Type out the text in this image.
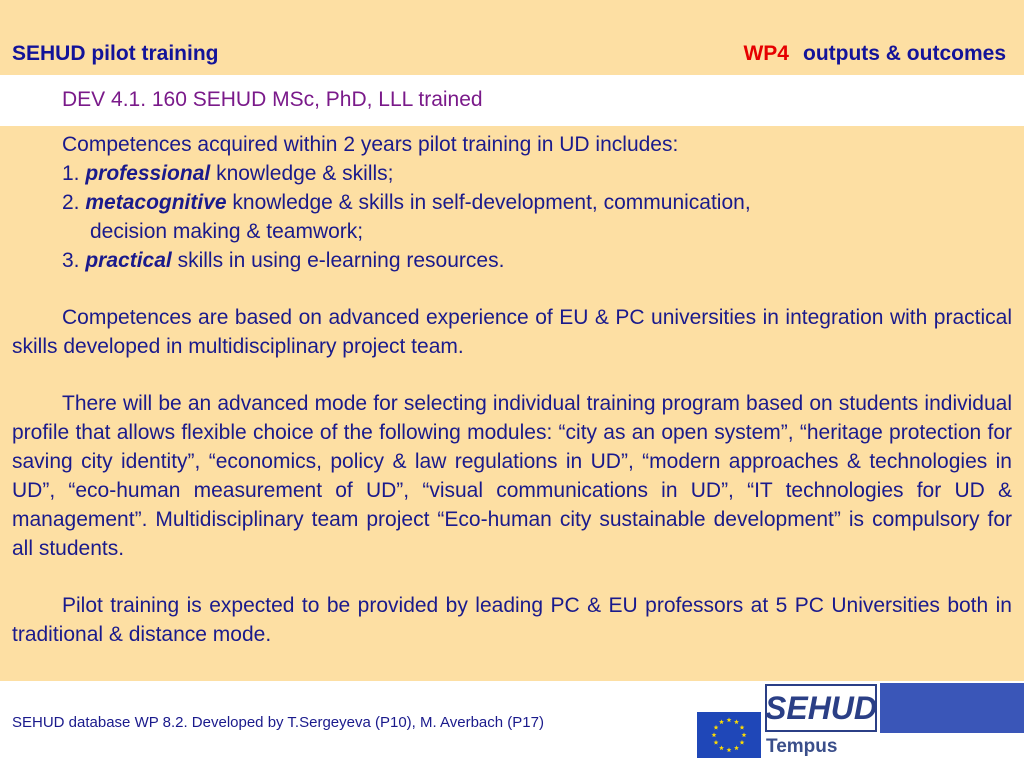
SEHUD pilot training	WP4 outputs & outcomes
DEV 4.1. 160 SEHUD MSc, PhD, LLL trained

Competences acquired within 2 years pilot training in UD includes:

1. professional knowledge & skills;

2. metacognitive knowledge & skills in self-development, communication,

decision making & teamwork;

3. practical skills in using e-learning resources.

Competences are based on advanced experience of EU & PC universities in integration with practical skills developed in multidisciplinary project team.

There will be an advanced mode for selecting individual training program based on students individual profile that allows flexible choice of the following modules: “city as an open system”, “heritage protection for saving city identity”, “economics, policy & law regulations in UD”, “modern approaches & technologies in UD”, “eco-human measurement of UD”, “visual communications in UD”, “IT technologies for UD & management”. Multidisciplinary team project “Eco-human city sustainable development” is compulsory for all students.

Pilot training is expected to be provided by leading PC & EU professors at 5 PC Universities both in traditional & distance mode.

SEHUD database WP 8.2. Developed by T.Sergeyeva (P10), M. Averbach (P17)	SEHUD
Tempus
